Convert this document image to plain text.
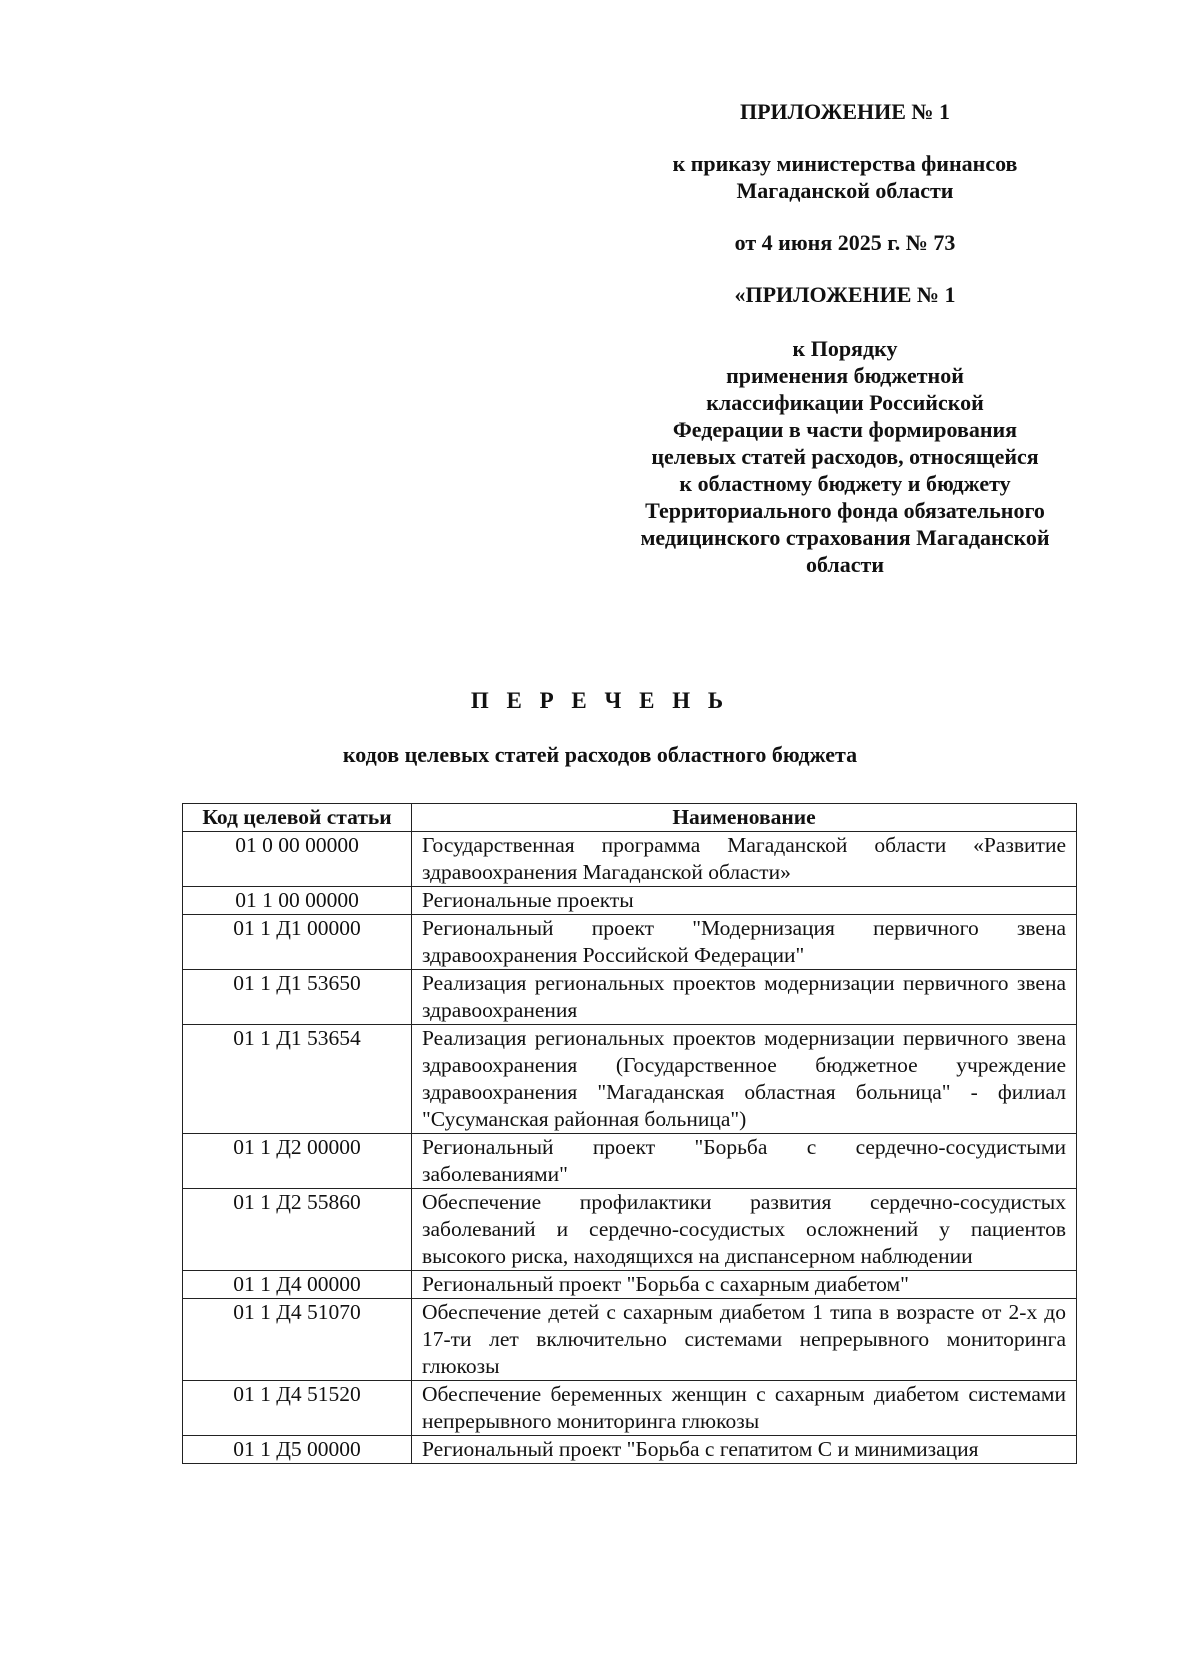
ПРИЛОЖЕНИЕ № 1
к приказу министерства финансов
Магаданской области
от 4 июня 2025 г. № 73
«ПРИЛОЖЕНИЕ № 1
к Порядку
применения бюджетной
классификации Российской
Федерации в части формирования
целевых статей расходов, относящейся
к областному бюджету и бюджету
Территориального фонда обязательного
медицинского страхования Магаданской
области
П Е Р Е Ч Е Н Ь
кодов целевых статей расходов областного бюджета
Код целевой статьи	Наименование
01 0 00 00000	Государственная программа Магаданской области «Развитие здравоохранения Магаданской области»
01 1 00 00000	Региональные проекты
01 1 Д1 00000	Региональный проект "Модернизация первичного звена здравоохранения Российской Федерации"
01 1 Д1 53650	Реализация региональных проектов модернизации первичного звена здравоохранения
01 1 Д1 53654	Реализация региональных проектов модернизации первичного звена здравоохранения (Государственное бюджетное учреждение здравоохранения "Магаданская областная больница" - филиал "Сусуманская районная больница")
01 1 Д2 00000	Региональный проект "Борьба с сердечно-сосудистыми заболеваниями"
01 1 Д2 55860	Обеспечение профилактики развития сердечно-сосудистых заболеваний и сердечно-сосудистых осложнений у пациентов высокого риска, находящихся на диспансерном наблюдении
01 1 Д4 00000	Региональный проект "Борьба с сахарным диабетом"
01 1 Д4 51070	Обеспечение детей с сахарным диабетом 1 типа в возрасте от 2-х до 17-ти лет включительно системами непрерывного мониторинга глюкозы
01 1 Д4 51520	Обеспечение беременных женщин с сахарным диабетом системами непрерывного мониторинга глюкозы
01 1 Д5 00000	Региональный проект "Борьба с гепатитом С и минимизация
